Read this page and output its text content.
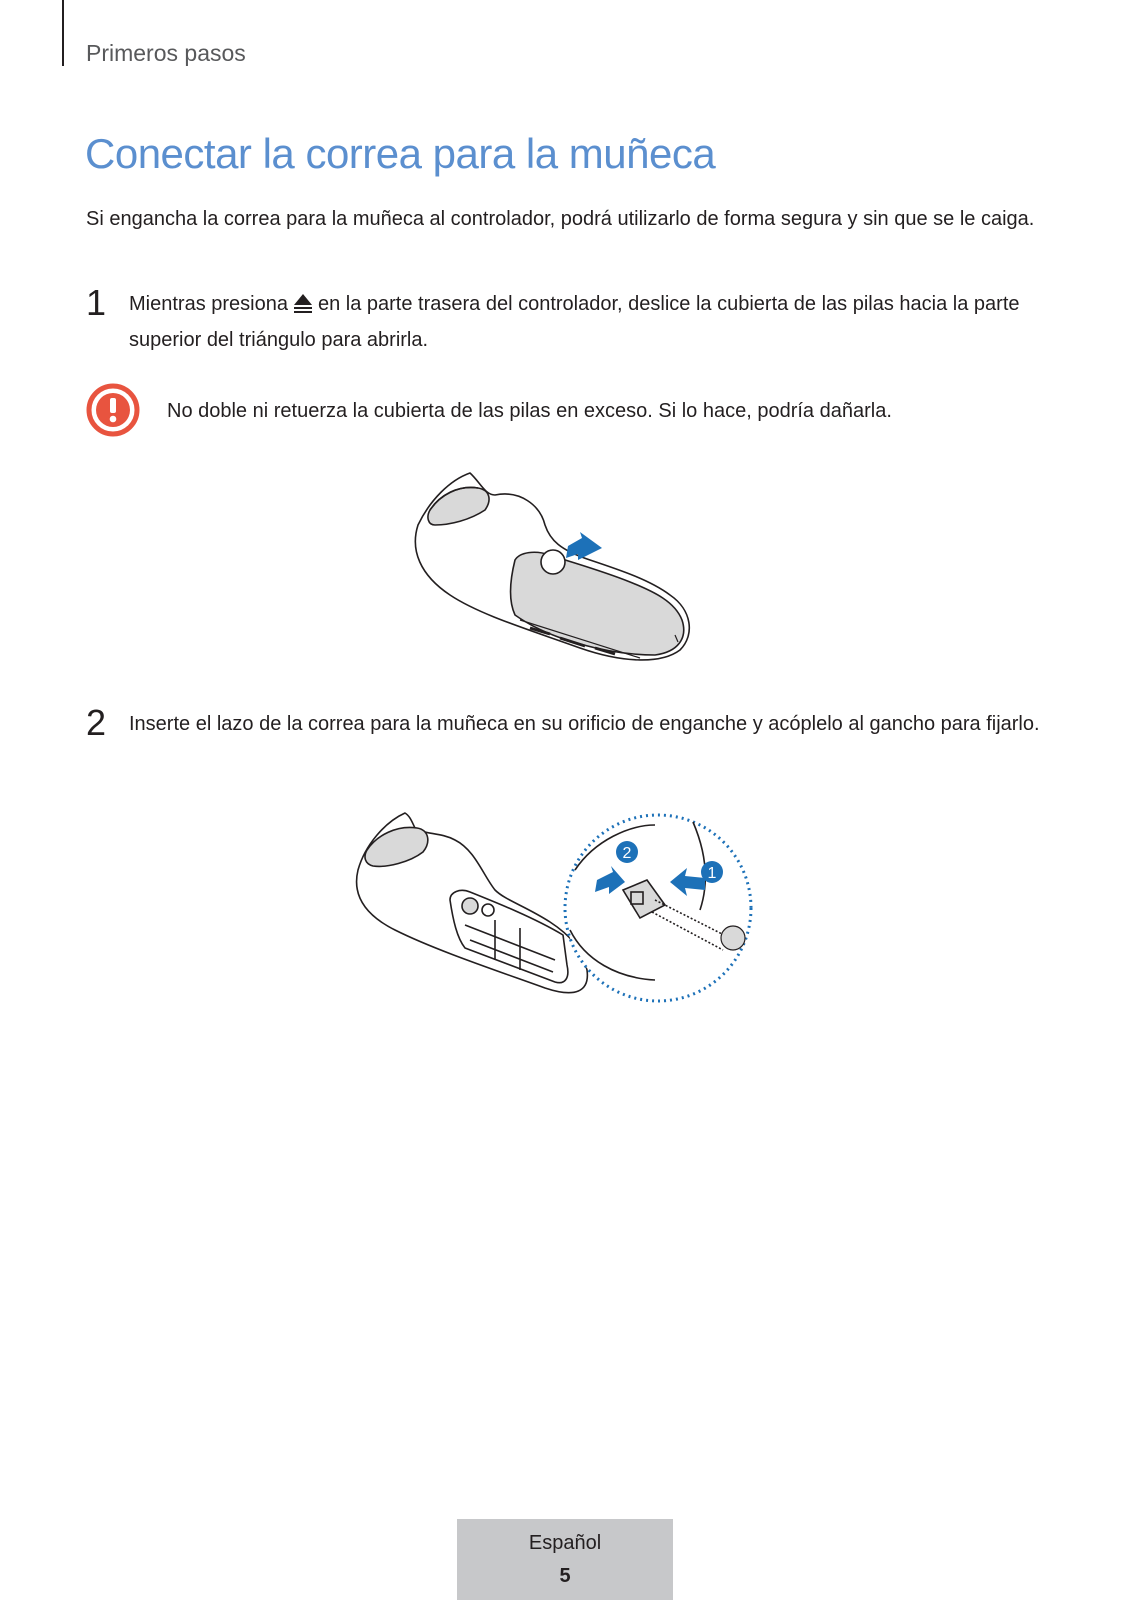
Primeros pasos
Conectar la correa para la muñeca

Si engancha la correa para la muñeca al controlador, podrá utilizarlo de forma segura y sin que se le caiga.

1 Mientras presiona en la parte trasera del controlador, deslice la cubierta de las pilas hacia la parte superior del triángulo para abrirla.

No doble ni retuerza la cubierta de las pilas en exceso. Si lo hace, podría dañarla.

2 Inserte el lazo de la correa para la muñeca en su orificio de enganche y acóplelo al gancho para fijarlo.

2
1
Español
5
